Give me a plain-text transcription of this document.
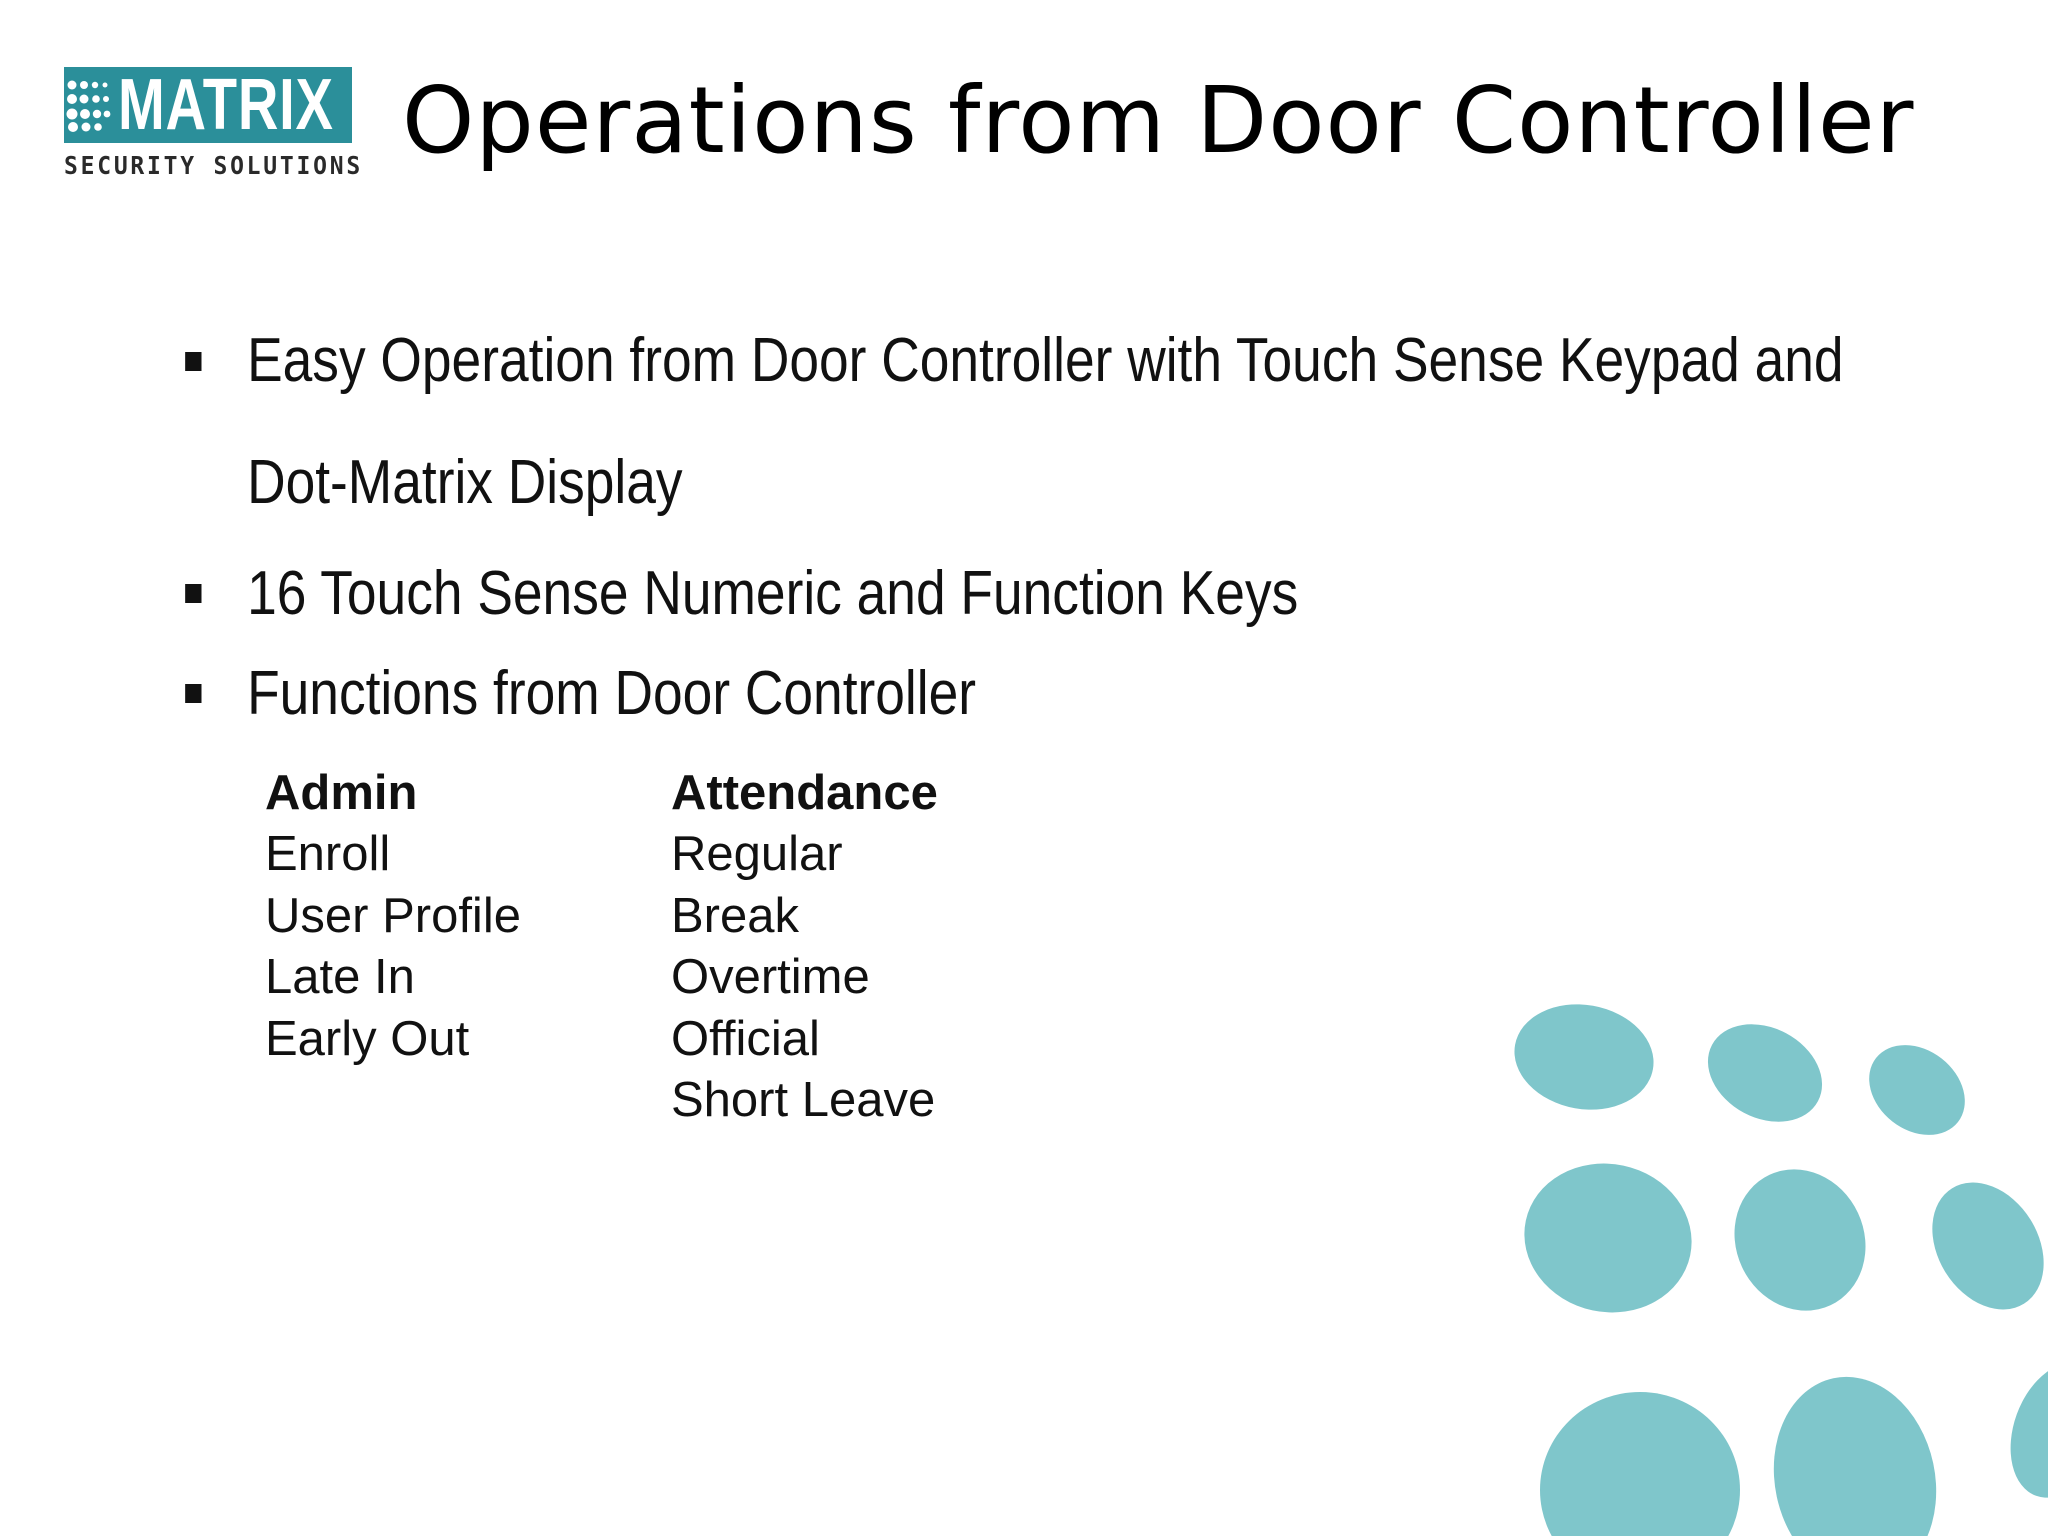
MATRIX
SECURITY SOLUTIONS Operations from Door Controller
Easy Operation from Door Controller with Touch Sense Keypad and
Dot-Matrix Display
16 Touch Sense Numeric and Function Keys
Functions from Door Controller
Admin
Enroll
User Profile
Late In
Early Out
Attendance
Regular
Break
Overtime
Official
Short Leave
